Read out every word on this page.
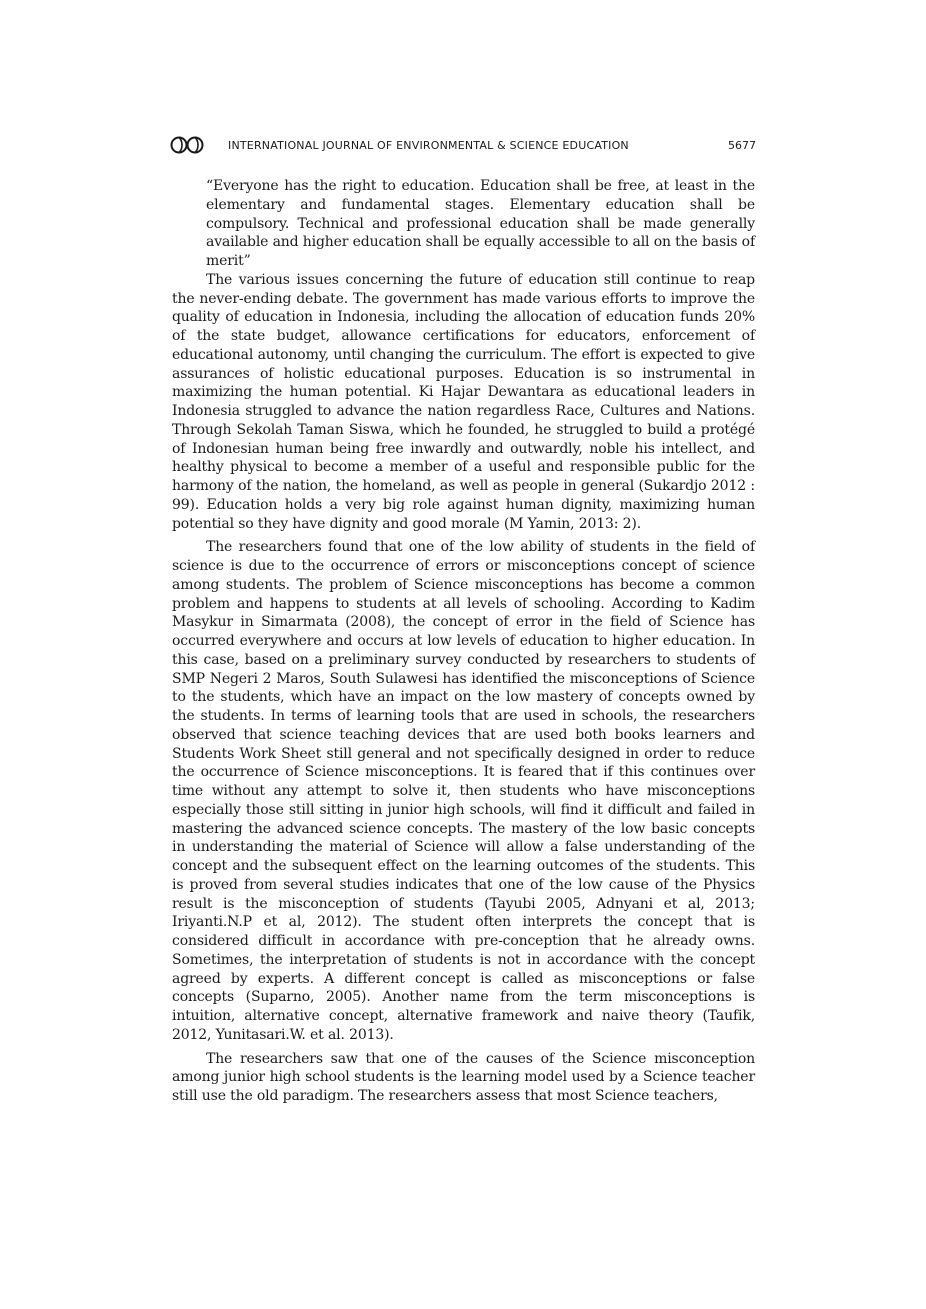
INTERNATIONAL JOURNAL OF ENVIRONMENTAL & SCIENCE EDUCATION	5677

“Everyone has the right to education. Education shall be free, at least in the elementary and fundamental stages. Elementary education shall be compulsory. Technical and professional education shall be made generally available and higher education shall be equally accessible to all on the basis of merit”

The various issues concerning the future of education still continue to reap the never-ending debate. The government has made various efforts to improve the quality of education in Indonesia, including the allocation of education funds 20% of the state budget, allowance certifications for educators, enforcement of educational autonomy, until changing the curriculum. The effort is expected to give assurances of holistic educational purposes. Education is so instrumental in maximizing the human potential. Ki Hajar Dewantara as educational leaders in Indonesia struggled to advance the nation regardless Race, Cultures and Nations. Through Sekolah Taman Siswa, which he founded, he struggled to build a protégé of Indonesian human being free inwardly and outwardly, noble his intellect, and healthy physical to become a member of a useful and responsible public for the harmony of the nation, the homeland, as well as people in general (Sukardjo 2012 : 99). Education holds a very big role against human dignity, maximizing human potential so they have dignity and good morale (M Yamin, 2013: 2).

The researchers found that one of the low ability of students in the field of science is due to the occurrence of errors or misconceptions concept of science among students. The problem of Science misconceptions has become a common problem and happens to students at all levels of schooling. According to Kadim Masykur in Simarmata (2008), the concept of error in the field of Science has occurred everywhere and occurs at low levels of education to higher education. In this case, based on a preliminary survey conducted by researchers to students of SMP Negeri 2 Maros, South Sulawesi has identified the misconceptions of Science to the students, which have an impact on the low mastery of concepts owned by the students. In terms of learning tools that are used in schools, the researchers observed that science teaching devices that are used both books learners and Students Work Sheet still general and not specifically designed in order to reduce the occurrence of Science misconceptions. It is feared that if this continues over time without any attempt to solve it, then students who have misconceptions especially those still sitting in junior high schools, will find it difficult and failed in mastering the advanced science concepts. The mastery of the low basic concepts in understanding the material of Science will allow a false understanding of the concept and the subsequent effect on the learning outcomes of the students. This is proved from several studies indicates that one of the low cause of the Physics result is the misconception of students (Tayubi 2005, Adnyani et al, 2013; Iriyanti.N.P et al, 2012). The student often interprets the concept that is considered difficult in accordance with pre-conception that he already owns. Sometimes, the interpretation of students is not in accordance with the concept agreed by experts. A different concept is called as misconceptions or false concepts (Suparno, 2005). Another name from the term misconceptions is intuition, alternative concept, alternative framework and naive theory (Taufik, 2012, Yunitasari.W. et al. 2013).

The researchers saw that one of the causes of the Science misconception among junior high school students is the learning model used by a Science teacher still use the old paradigm. The researchers assess that most Science teachers,
